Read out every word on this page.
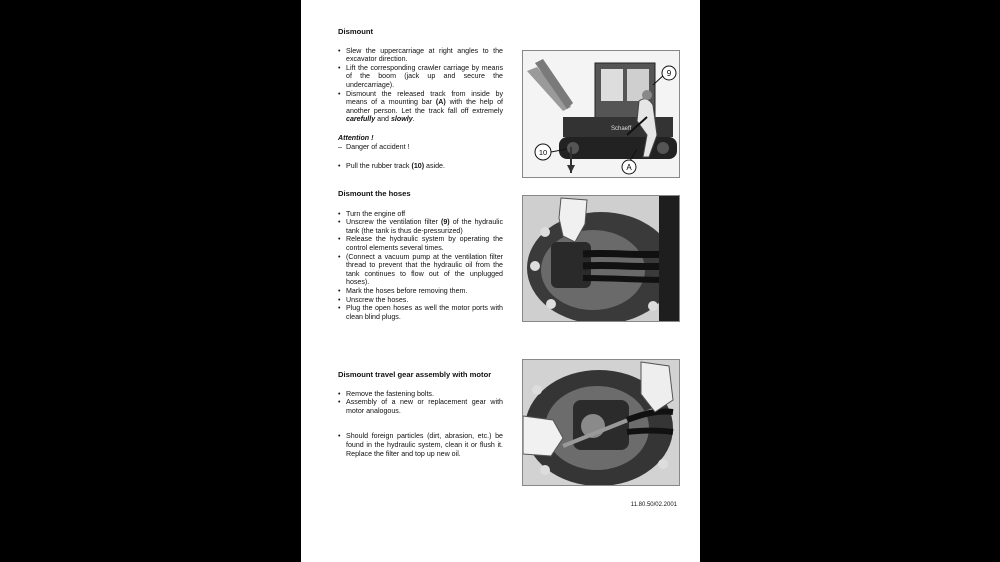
Dismount
• Slew the uppercarriage at right angles to the excavator direction.
• Lift the corresponding crawler carriage by means of the boom (jack up and secure the undercarriage).
• Dismount the released track from inside by means of a mounting bar (A) with the help of another person. Let the track fall off extremely carefully and slowly.
Attention !
– Danger of accident !
• Pull the rubber track (10) aside.
Dismount the hoses
• Turn the engine off
• Unscrew the ventilation filter (9) of the hydraulic tank (the tank is thus de-pressurized)
• Release the hydraulic system by operating the control elements several times.
• (Connect a vacuum pump at the ventilation filter thread to prevent that the hydraulic oil from the tank continues to flow out of the unplugged hoses).
• Mark the hoses before removing them.
• Unscrew the hoses.
• Plug the open hoses as well the motor ports with clean blind plugs.
Dismount travel gear assembly with motor
• Remove the fastening bolts.
• Assembly of a new or replacement gear with motor analogous.
• Should foreign particles (dirt, abrasion, etc.) be found in the hydraulic system, clean it or flush it. Replace the filter and top up new oil.
Schaeff
9
10
A
11.80.50/02.2001
